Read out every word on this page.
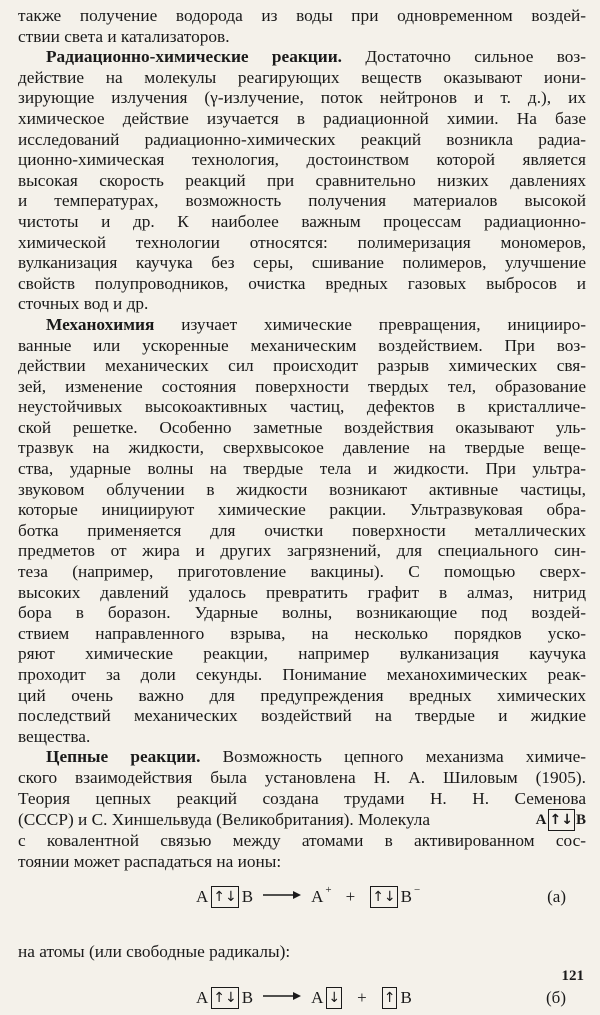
также получение водорода из воды при одновременном воздей-
ствии света и катализаторов.
Радиационно-химические реакции. Достаточно сильное воз-
действие на молекулы реагирующих веществ оказывают иони-
зирующие излучения (γ-излучение, поток нейтронов и т. д.), их
химическое действие изучается в радиационной химии. На базе
исследований радиационно-химических реакций возникла радиа-
ционно-химическая технология, достоинством которой является
высокая скорость реакций при сравнительно низких давлениях
и температурах, возможность получения материалов высокой
чистоты и др. К наиболее важным процессам радиационно-
химической технологии относятся: полимеризация мономеров,
вулканизация каучука без серы, сшивание полимеров, улучшение
свойств полупроводников, очистка вредных газовых выбросов и
сточных вод и др.
Механохимия изучает химические превращения, иницииро-
ванные или ускоренные механическим воздействием. При воз-
действии механических сил происходит разрыв химических свя-
зей, изменение состояния поверхности твердых тел, образование
неустойчивых высокоактивных частиц, дефектов в кристалличе-
ской решетке. Особенно заметные воздействия оказывают уль-
тразвук на жидкости, сверхвысокое давление на твердые веще-
ства, ударные волны на твердые тела и жидкости. При ультра-
звуковом облучении в жидкости возникают активные частицы,
которые инициируют химические ракции. Ультразвуковая обра-
ботка применяется для очистки поверхности металлических
предметов от жира и других загрязнений, для специального син-
теза (например, приготовление вакцины). С помощью сверх-
высоких давлений удалось превратить графит в алмаз, нитрид
бора в боразон. Ударные волны, возникающие под воздей-
ствием направленного взрыва, на несколько порядков уско-
ряют химические реакции, например вулканизация каучука
проходит за доли секунды. Понимание механохимических реак-
ций очень важно для предупреждения вредных химических
последствий механических воздействий на твердые и жидкие
вещества.
Цепные реакции. Возможность цепного механизма химиче-
ского взаимодействия была установлена Н. А. Шиловым (1905).
Теория цепных реакций создана трудами Н. Н. Семенова
(СССР) и С. Хиншельвуда (Великобритания). Молекула	A ↑ ↓ B
с ковалентной связью между атомами в активированном сос-
тоянии может распадаться на ионы:
A ↑ ↓ B → A + + ↑ ↓ B −	(а)
на атомы (или свободные радикалы):
A ↑ ↓ B → A ↓ + ↑ B	(б)
121
